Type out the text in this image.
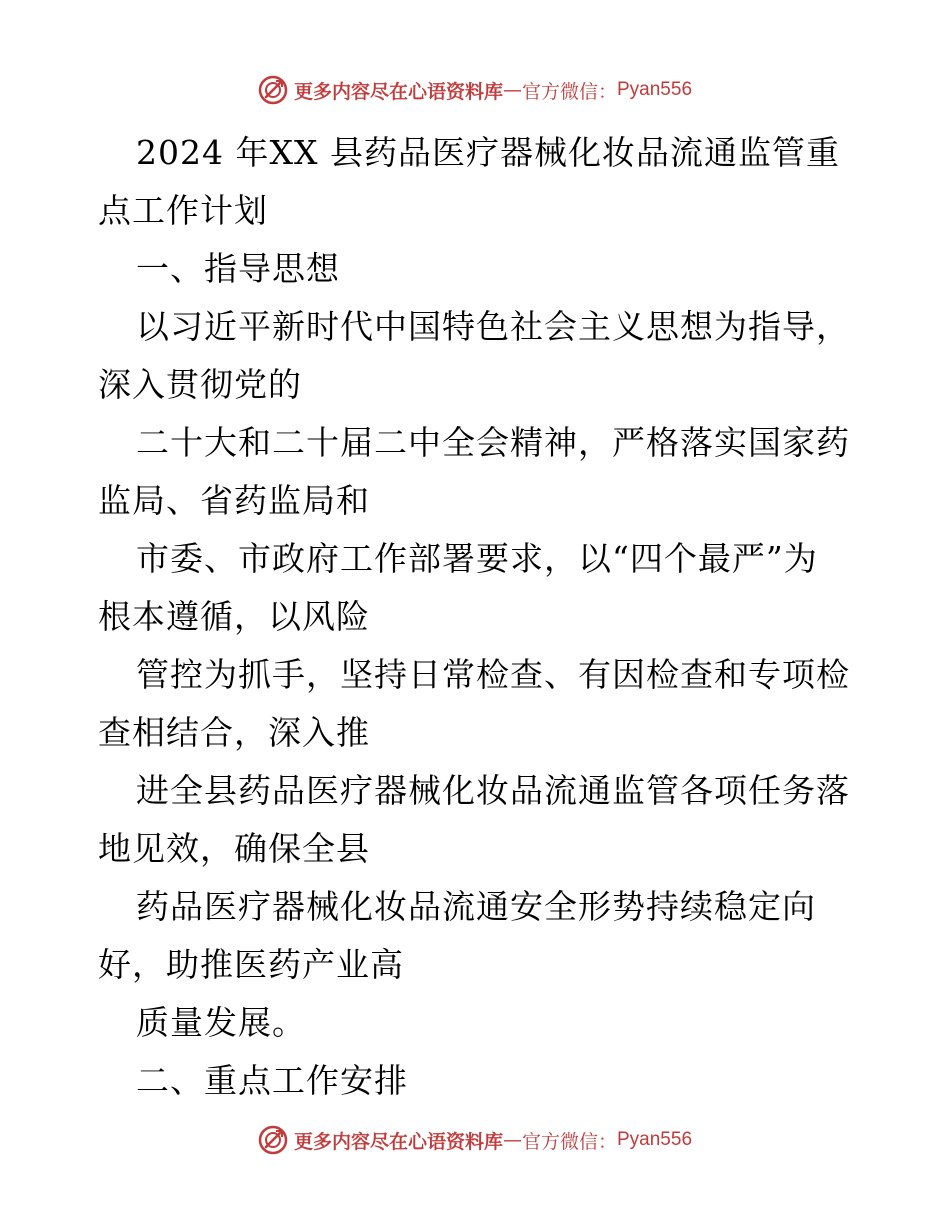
更多内容尽在心语资料库 — 官方微信： Pyan556
2024 年XX 县药品医疗器械化妆品流通监管重
点工作计划
一、指导思想
以习近平新时代中国特色社会主义思想为指导，
深入贯彻党的
二十大和二十届二中全会精神，严格落实国家药
监局、省药监局和
市委、市政府工作部署要求，以“四个最严”为
根本遵循，以风险
管控为抓手，坚持日常检查、有因检查和专项检
查相结合，深入推
进全县药品医疗器械化妆品流通监管各项任务落
地见效，确保全县
药品医疗器械化妆品流通安全形势持续稳定向
好，助推医药产业高
质量发展。
二、重点工作安排
更多内容尽在心语资料库 — 官方微信： Pyan556
